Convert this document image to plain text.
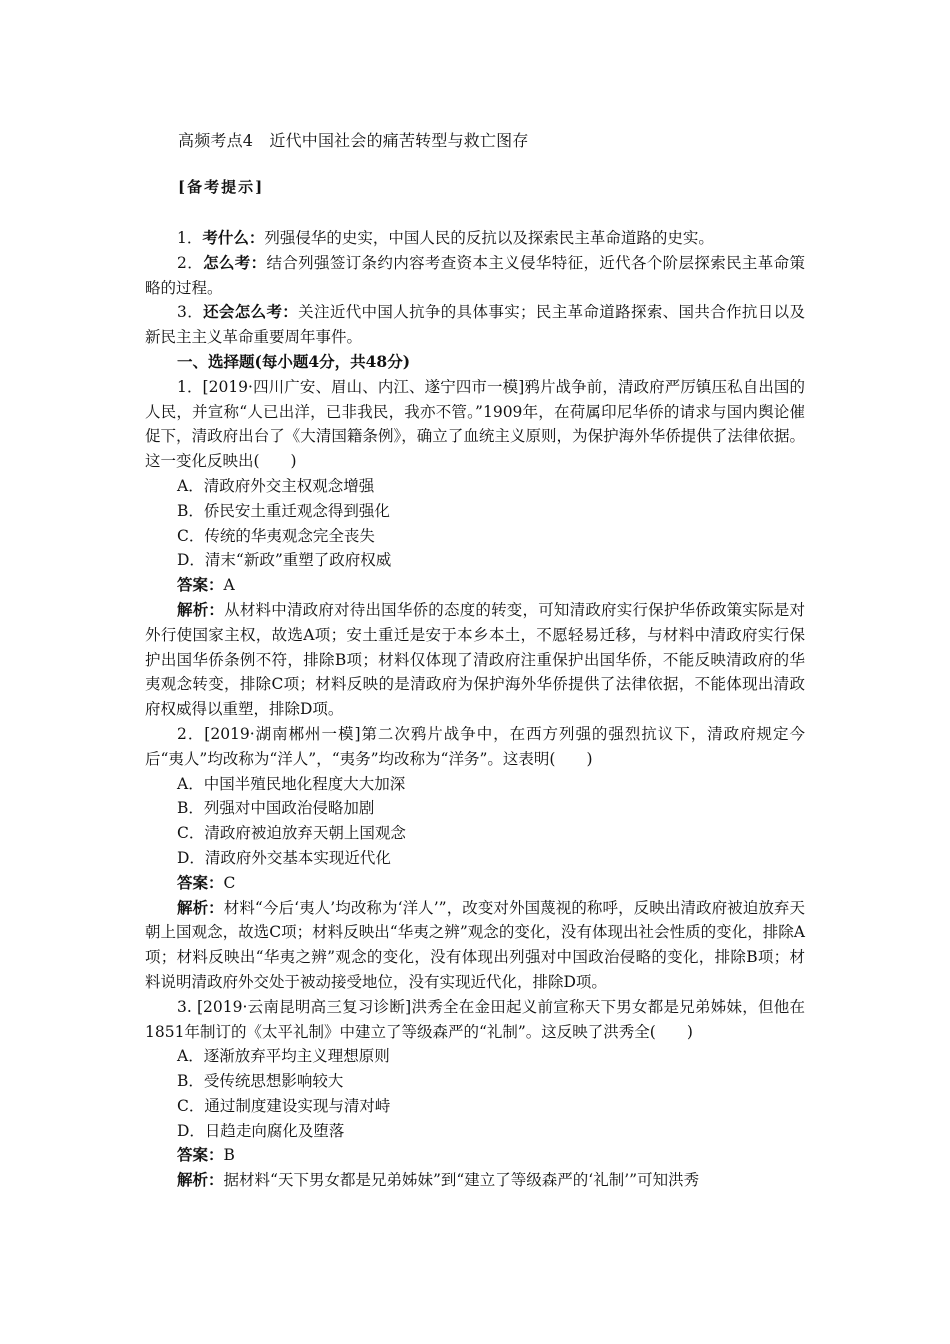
高频考点4　近代中国社会的痛苦转型与救亡图存
[备考提示]

1．考什么：列强侵华的史实，中国人民的反抗以及探索民主革命道路的史实。

2．怎么考：结合列强签订条约内容考查资本主义侵华特征，近代各个阶层探索民主革命策略的过程。

3．还会怎么考：关注近代中国人抗争的具体事实；民主革命道路探索、国共合作抗日以及新民主主义革命重要周年事件。

一、选择题(每小题4分，共48分)

1．[2019·四川广安、眉山、内江、遂宁四市一模]鸦片战争前，清政府严厉镇压私自出国的人民，并宣称“人已出洋，已非我民，我亦不管。”1909年，在荷属印尼华侨的请求与国内舆论催促下，清政府出台了《大清国籍条例》，确立了血统主义原则，为保护海外华侨提供了法律依据。这一变化反映出(　　)

A．清政府外交主权观念增强

B．侨民安土重迁观念得到强化

C．传统的华夷观念完全丧失

D．清末“新政”重塑了政府权威

答案：A

解析：从材料中清政府对待出国华侨的态度的转变，可知清政府实行保护华侨政策实际是对外行使国家主权，故选A项；安土重迁是安于本乡本土，不愿轻易迁移，与材料中清政府实行保护出国华侨条例不符，排除B项；材料仅体现了清政府注重保护出国华侨，不能反映清政府的华夷观念转变，排除C项；材料反映的是清政府为保护海外华侨提供了法律依据，不能体现出清政府权威得以重塑，排除D项。

2．[2019·湖南郴州一模]第二次鸦片战争中，在西方列强的强烈抗议下，清政府规定今后“夷人”均改称为“洋人”，“夷务”均改称为“洋务”。这表明(　　)

A．中国半殖民地化程度大大加深

B．列强对中国政治侵略加剧

C．清政府被迫放弃天朝上国观念

D．清政府外交基本实现近代化

答案：C

解析：材料“今后‘夷人’均改称为‘洋人’”，改变对外国蔑视的称呼，反映出清政府被迫放弃天朝上国观念，故选C项；材料反映出“华夷之辨”观念的变化，没有体现出社会性质的变化，排除A项；材料反映出“华夷之辨”观念的变化，没有体现出列强对中国政治侵略的变化，排除B项；材料说明清政府外交处于被动接受地位，没有实现近代化，排除D项。

3. [2019·云南昆明高三复习诊断]洪秀全在金田起义前宣称天下男女都是兄弟姊妹，但他在1851年制订的《太平礼制》中建立了等级森严的“礼制”。这反映了洪秀全(　　)

A．逐渐放弃平均主义理想原则

B．受传统思想影响较大

C．通过制度建设实现与清对峙

D．日趋走向腐化及堕落

答案：B

解析：据材料“天下男女都是兄弟姊妹”到“建立了等级森严的‘礼制’”可知洪秀
